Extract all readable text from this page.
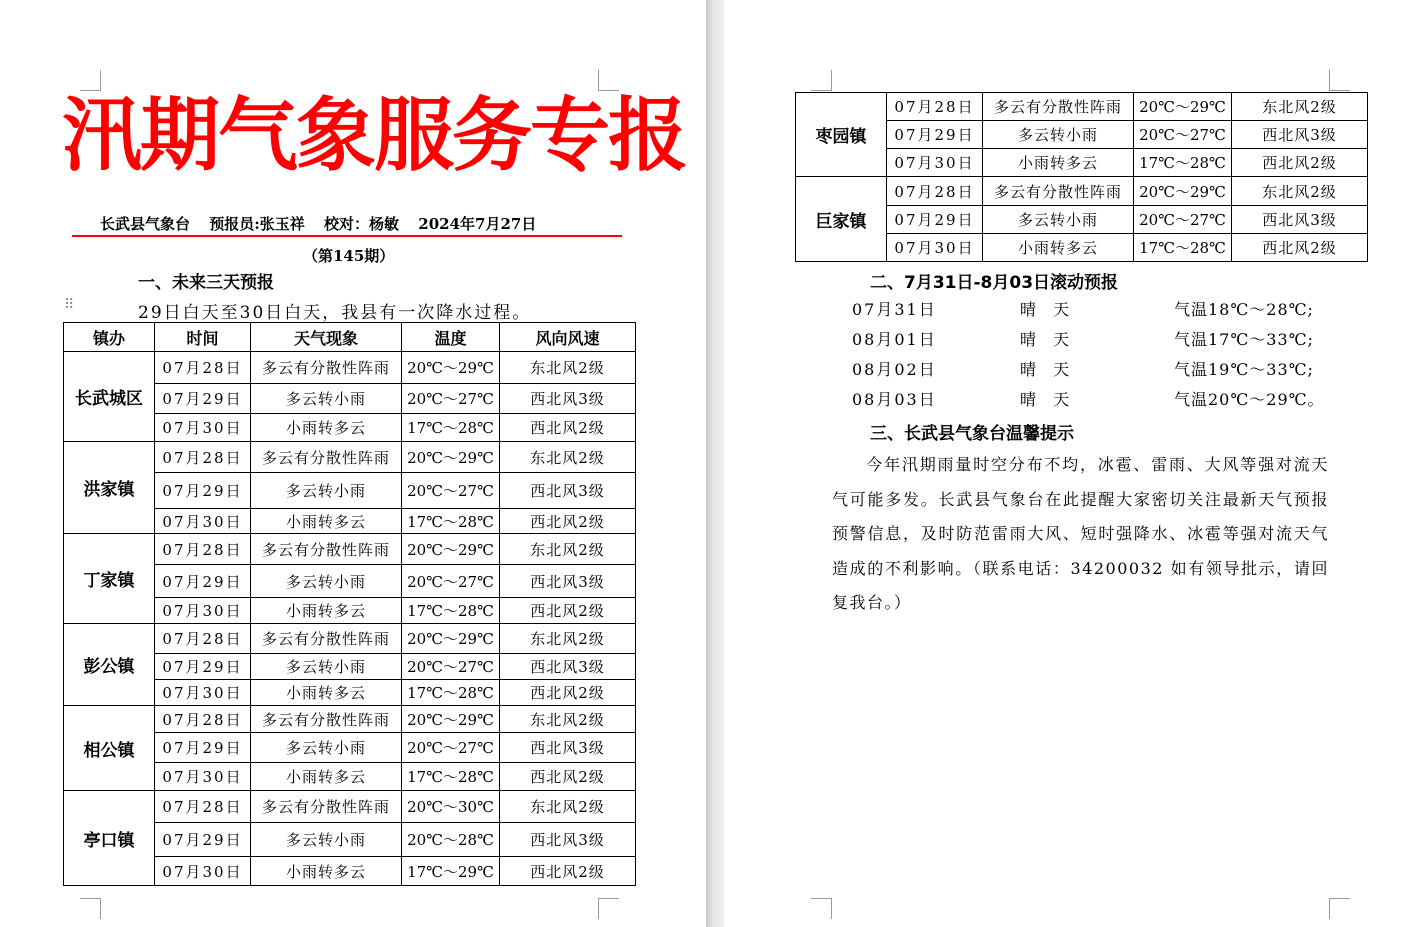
汛期气象服务专报
长武县气象台 预报员:张玉祥 校对：杨敏 2024年7月27日
（第145期）
一、未来三天预报
⠿	29日白天至30日白天，我县有一次降水过程。
镇办	时间	天气现象	温度	风向风速
长武城区	07月28日	多云有分散性阵雨	20℃～29℃	东北风2级
	07月29日	多云转小雨	20℃～27℃	西北风3级
	07月30日	小雨转多云	17℃～28℃	西北风2级
洪家镇	07月28日	多云有分散性阵雨	20℃～29℃	东北风2级
	07月29日	多云转小雨	20℃～27℃	西北风3级
	07月30日	小雨转多云	17℃～28℃	西北风2级
丁家镇	07月28日	多云有分散性阵雨	20℃～29℃	东北风2级
	07月29日	多云转小雨	20℃～27℃	西北风3级
	07月30日	小雨转多云	17℃～28℃	西北风2级
彭公镇	07月28日	多云有分散性阵雨	20℃～29℃	东北风2级
	07月29日	多云转小雨	20℃～27℃	西北风3级
	07月30日	小雨转多云	17℃～28℃	西北风2级
相公镇	07月28日	多云有分散性阵雨	20℃～29℃	东北风2级
	07月29日	多云转小雨	20℃～27℃	西北风3级
	07月30日	小雨转多云	17℃～28℃	西北风2级
亭口镇	07月28日	多云有分散性阵雨	20℃～30℃	东北风2级
	07月29日	多云转小雨	20℃～28℃	西北风3级
	07月30日	小雨转多云	17℃～29℃	西北风2级
枣园镇	07月28日	多云有分散性阵雨	20℃～29℃	东北风2级
	07月29日	多云转小雨	20℃～27℃	西北风3级
	07月30日	小雨转多云	17℃～28℃	西北风2级
巨家镇	07月28日	多云有分散性阵雨	20℃～29℃	东北风2级
	07月29日	多云转小雨	20℃～27℃	西北风3级
	07月30日	小雨转多云	17℃～28℃	西北风2级
二、7月31日-8月03日滚动预报
07月31日	晴 天	气温18℃～28℃;
08月01日	晴 天	气温17℃～33℃;
08月02日	晴 天	气温19℃～33℃;
08月03日	晴 天	气温20℃～29℃。
三、长武县气象台温馨提示
今年汛期雨量时空分布不均，冰雹、雷雨、大风等强对流天气可能多发。长武县气象台在此提醒大家密切关注最新天气预报预警信息，及时防范雷雨大风、短时强降水、冰雹等强对流天气造成的不利影响。（联系电话：34200032 如有领导批示，请回复我台。）
